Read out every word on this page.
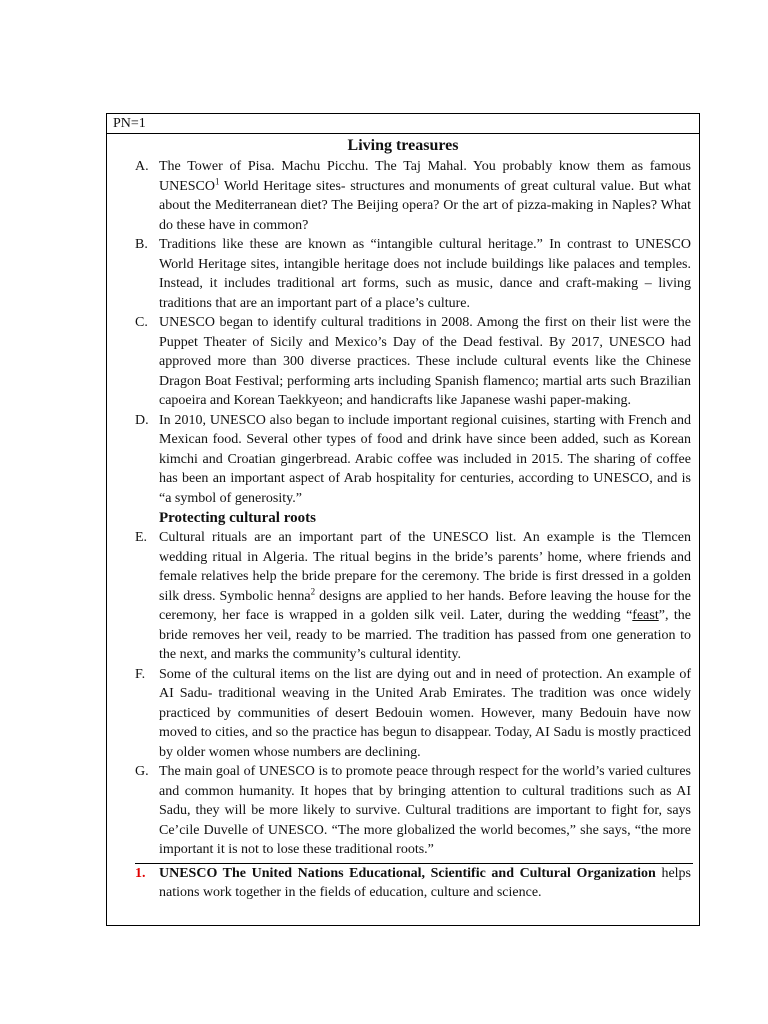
PN=1
Living treasures
A. The Tower of Pisa. Machu Picchu. The Taj Mahal. You probably know them as famous UNESCO$^1$ World Heritage sites- structures and monuments of great cultural value. But what about the Mediterranean diet? The Beijing opera? Or the art of pizza-making in Naples? What do these have in common?
B. Traditions like these are known as “intangible cultural heritage.” In contrast to UNESCO World Heritage sites, intangible heritage does not include buildings like palaces and temples. Instead, it includes traditional art forms, such as music, dance and craft-making – living traditions that are an important part of a place’s culture.
C. UNESCO began to identify cultural traditions in 2008. Among the first on their list were the Puppet Theater of Sicily and Mexico’s Day of the Dead festival. By 2017, UNESCO had approved more than 300 diverse practices. These include cultural events like the Chinese Dragon Boat Festival; performing arts including Spanish flamenco; martial arts such Brazilian capoeira and Korean Taekkyeon; and handicrafts like Japanese washi paper-making.
D. In 2010, UNESCO also began to include important regional cuisines, starting with French and Mexican food. Several other types of food and drink have since been added, such as Korean kimchi and Croatian gingerbread. Arabic coffee was included in 2015. The sharing of coffee has been an important aspect of Arab hospitality for centuries, according to UNESCO, and is “a symbol of generosity.”
Protecting cultural roots
E. Cultural rituals are an important part of the UNESCO list. An example is the Tlemcen wedding ritual in Algeria. The ritual begins in the bride’s parents’ home, where friends and female relatives help the bride prepare for the ceremony. The bride is first dressed in a golden silk dress. Symbolic henna$^2$ designs are applied to her hands. Before leaving the house for the ceremony, her face is wrapped in a golden silk veil. Later, during the wedding “feast”, the bride removes her veil, ready to be married. The tradition has passed from one generation to the next, and marks the community’s cultural identity.
F. Some of the cultural items on the list are dying out and in need of protection. An example of AI Sadu- traditional weaving in the United Arab Emirates. The tradition was once widely practiced by communities of desert Bedouin women. However, many Bedouin have now moved to cities, and so the practice has begun to disappear. Today, AI Sadu is mostly practiced by older women whose numbers are declining.
G. The main goal of UNESCO is to promote peace through respect for the world’s varied cultures and common humanity. It hopes that by bringing attention to cultural traditions such as AI Sadu, they will be more likely to survive. Cultural traditions are important to fight for, says Ce’cile Duvelle of UNESCO. “The more globalized the world becomes,” she says, “the more important it is not to lose these traditional roots.”
1. UNESCO The United Nations Educational, Scientific and Cultural Organization helps nations work together in the fields of education, culture and science.
